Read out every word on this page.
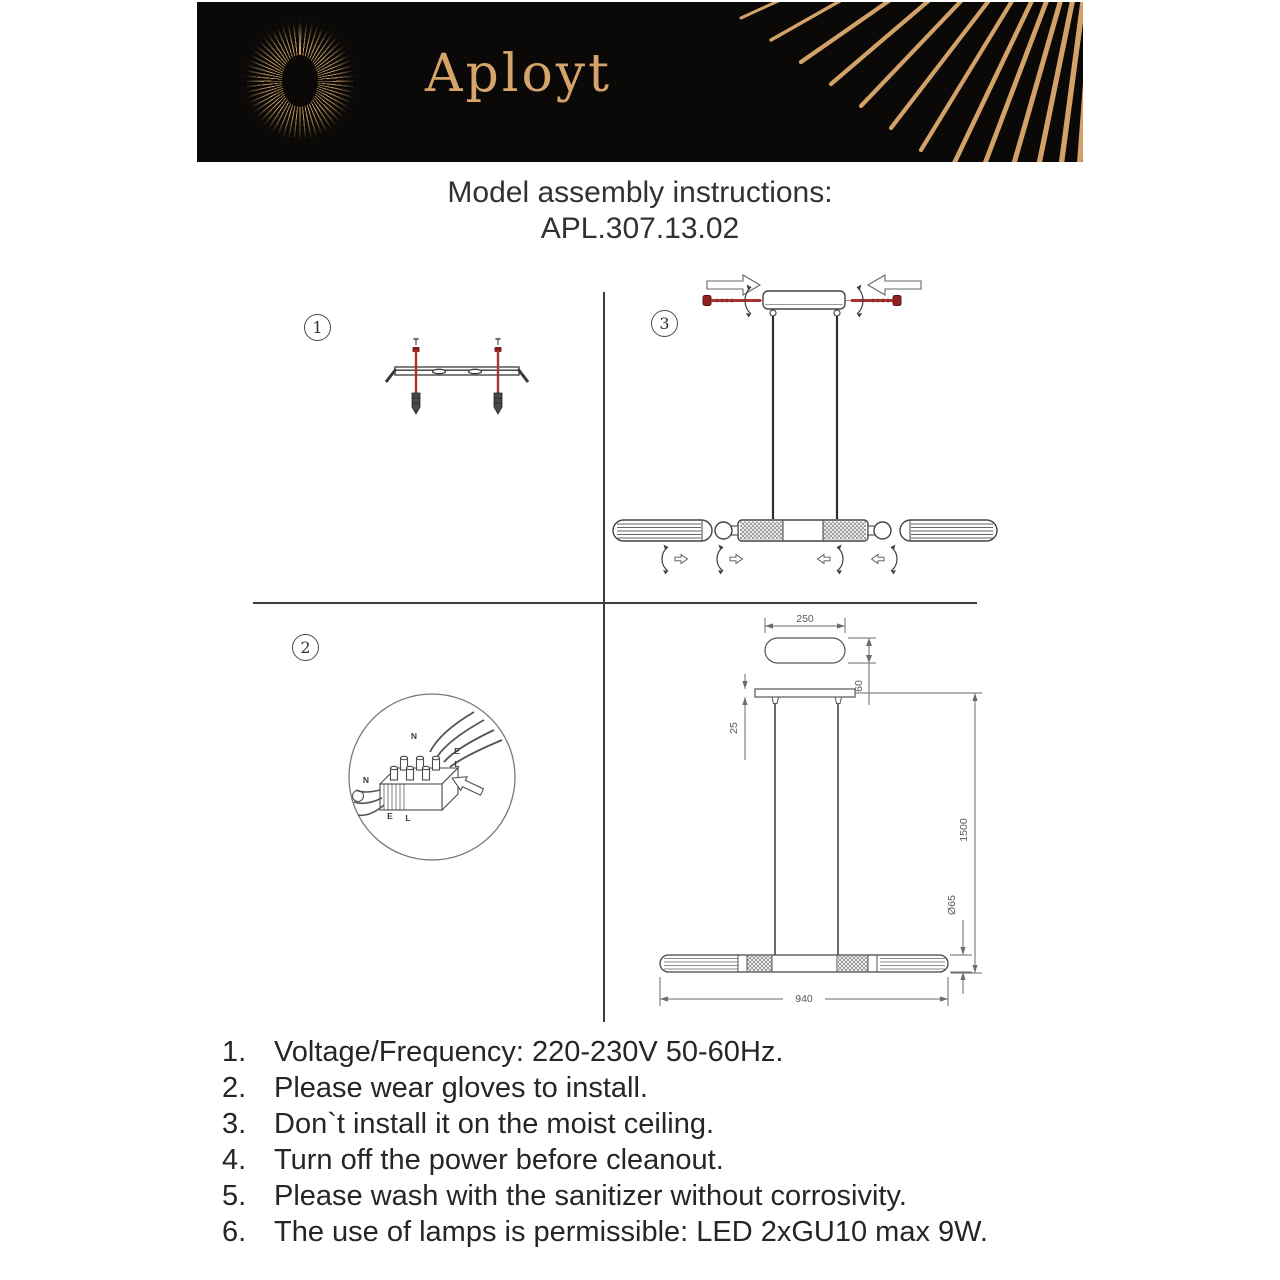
Aployt
Model assembly instructions:
APL.307.13.02
1	3
2
N
E
L
N
E L
250
60
25
1500
Ø65
940
1. Voltage/Frequency: 220-230V 50-60Hz.
2. Please wear gloves to install.
3. Don`t install it on the moist ceiling.
4. Turn off the power before cleanout.
5. Please wash with the sanitizer without corrosivity.
6. The use of lamps is permissible: LED 2xGU10 max 9W.
